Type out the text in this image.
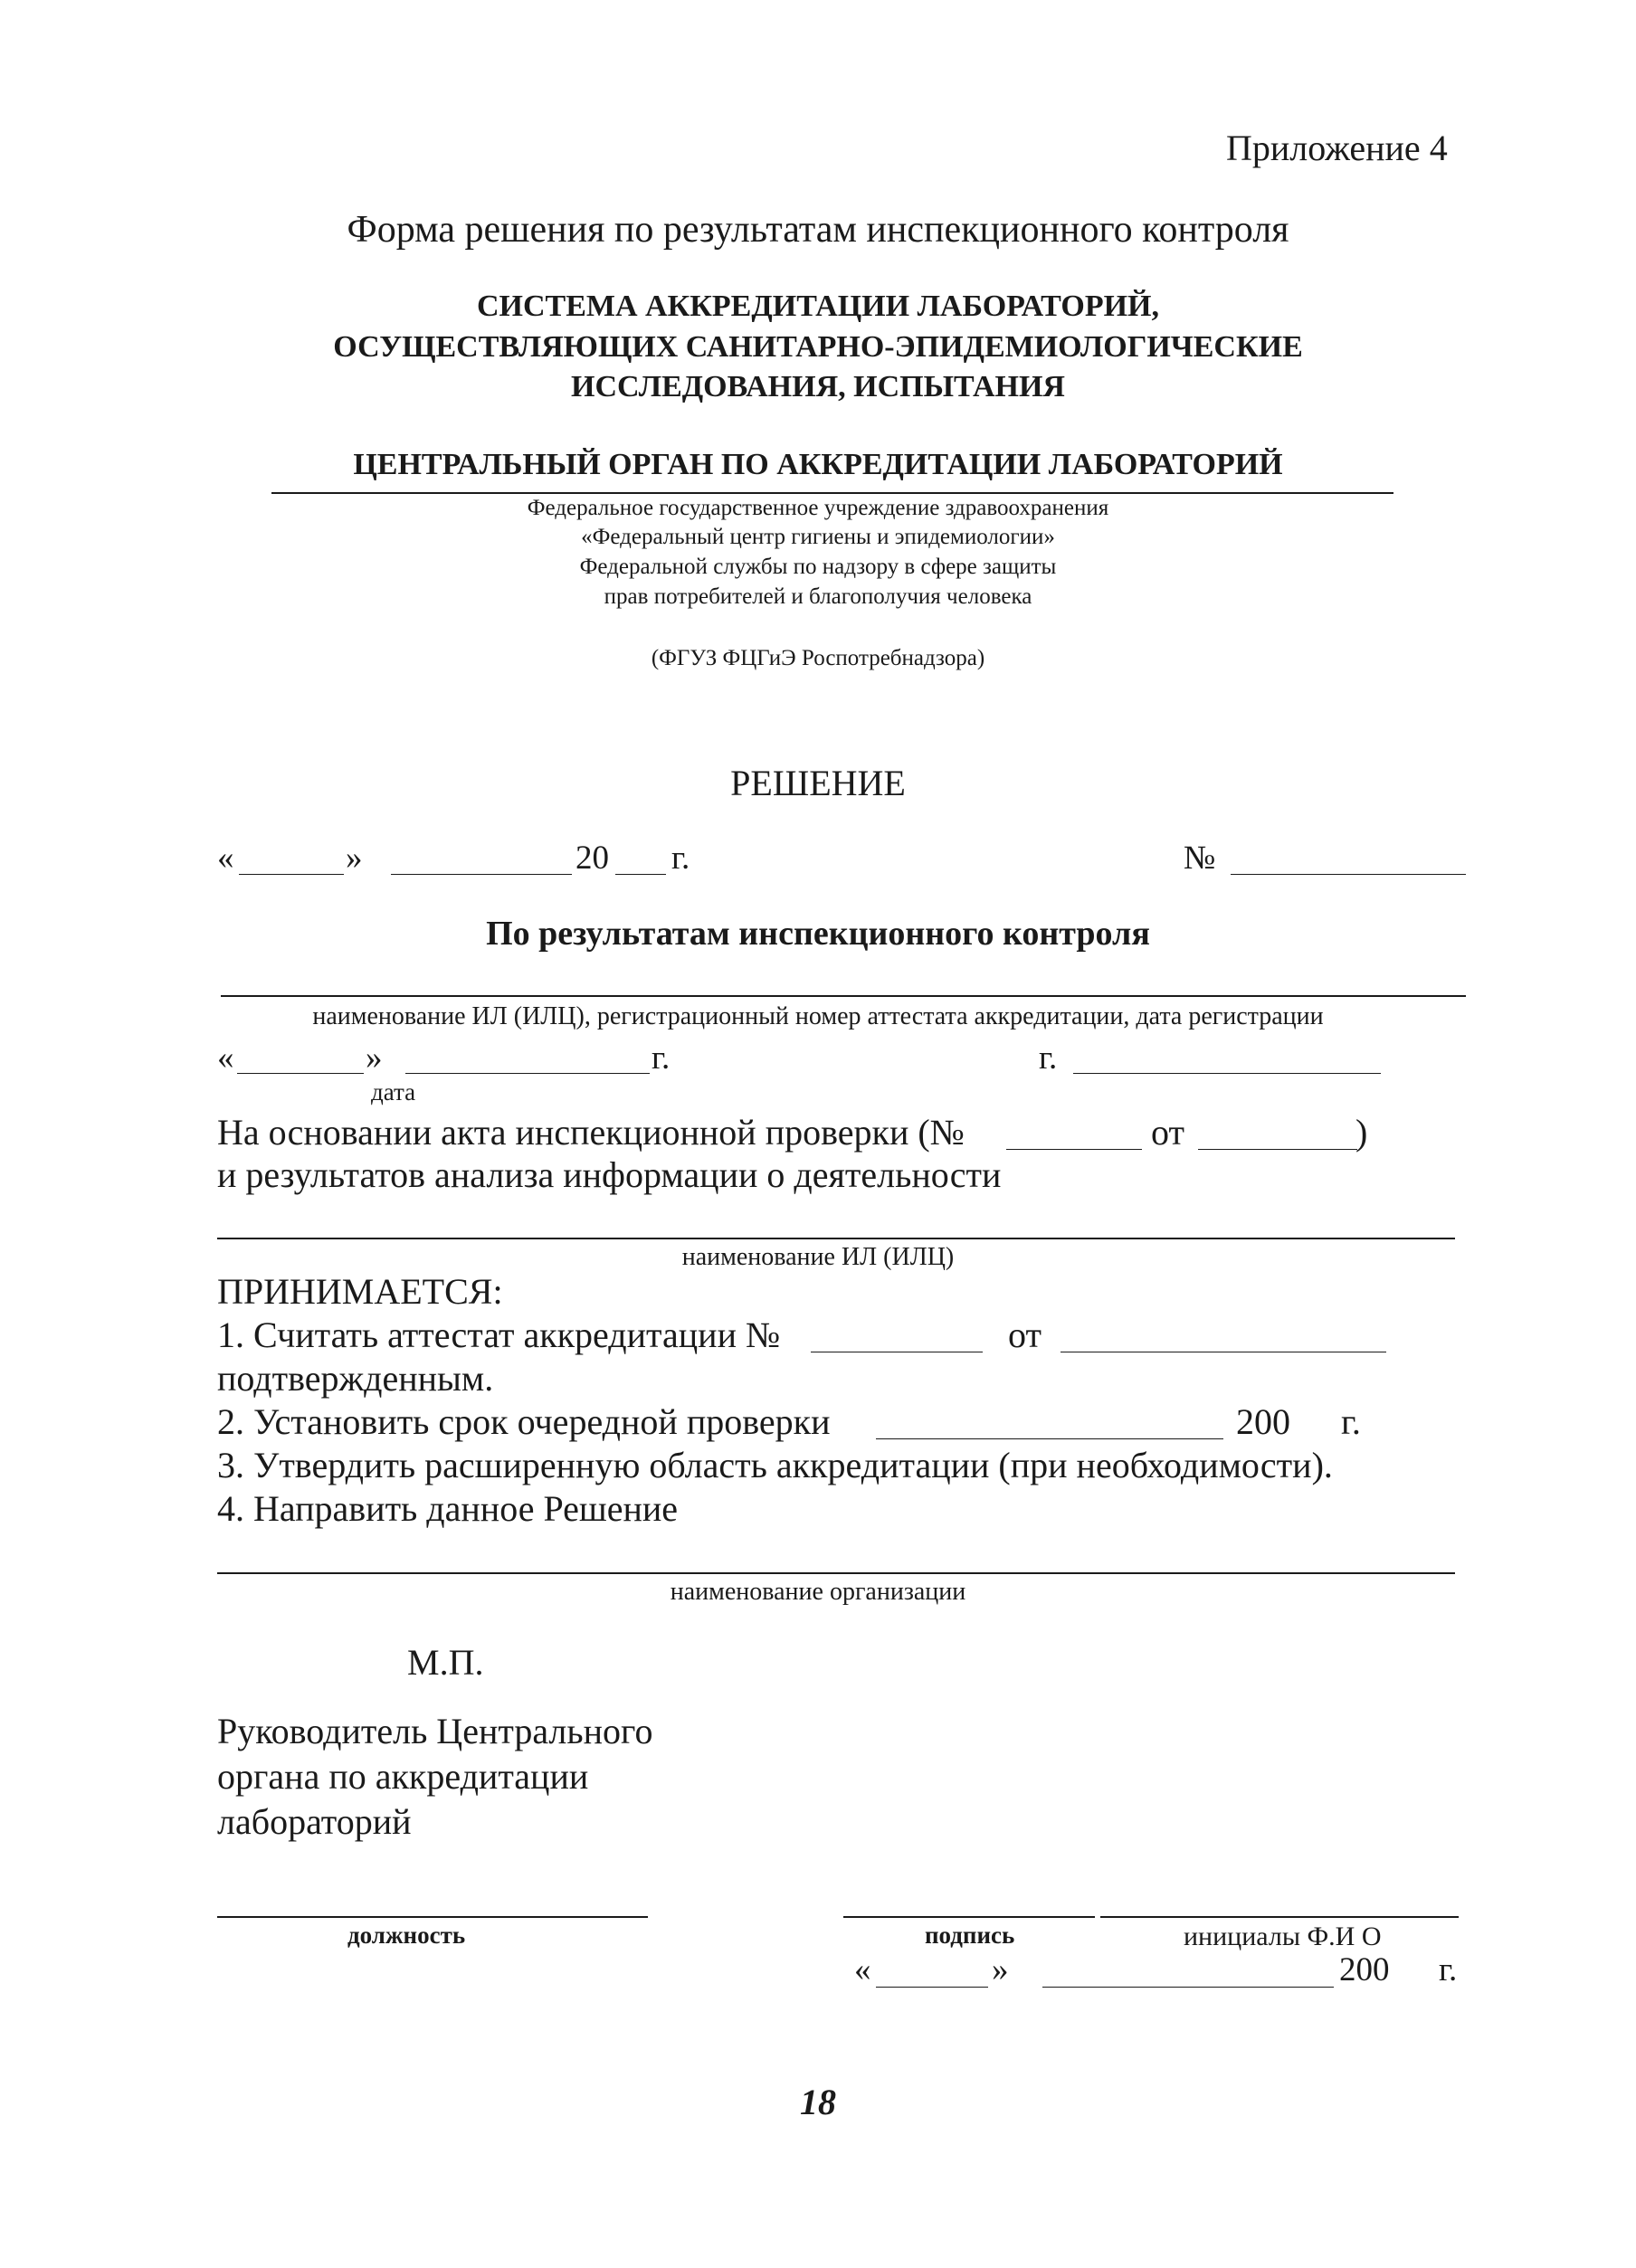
Приложение 4
Форма решения по результатам инспекционного контроля
СИСТЕМА АККРЕДИТАЦИИ ЛАБОРАТОРИЙ,
ОСУЩЕСТВЛЯЮЩИХ САНИТАРНО-ЭПИДЕМИОЛОГИЧЕСКИЕ
ИССЛЕДОВАНИЯ, ИСПЫТАНИЯ
ЦЕНТРАЛЬНЫЙ ОРГАН ПО АККРЕДИТАЦИИ ЛАБОРАТОРИЙ
Федеральное государственное учреждение здравоохранения
«Федеральный центр гигиены и эпидемиологии»
Федеральной службы по надзору в сфере защиты
прав потребителей и благополучия человека
(ФГУЗ ФЦГиЭ Роспотребнадзора)
РЕШЕНИЕ
«	»	20 г.	№
По результатам инспекционного контроля
наименование ИЛ (ИЛЦ), регистрационный номер аттестата аккредитации, дата регистрации
«	»	г.	г.
дата
На основании акта инспекционной проверки (№	от	)
и результатов анализа информации о деятельности
наименование ИЛ (ИЛЦ)
ПРИНИМАЕТСЯ:
1. Считать аттестат аккредитации №	от
подтвержденным.
2. Установить срок очередной проверки	200 г.
3. Утвердить расширенную область аккредитации (при необходимости).
4. Направить данное Решение
наименование организации
М.П.
Руководитель Центрального
органа по аккредитации
лабораторий
должность	подпись	инициалы Ф.И О
«	»	200 г.
18
